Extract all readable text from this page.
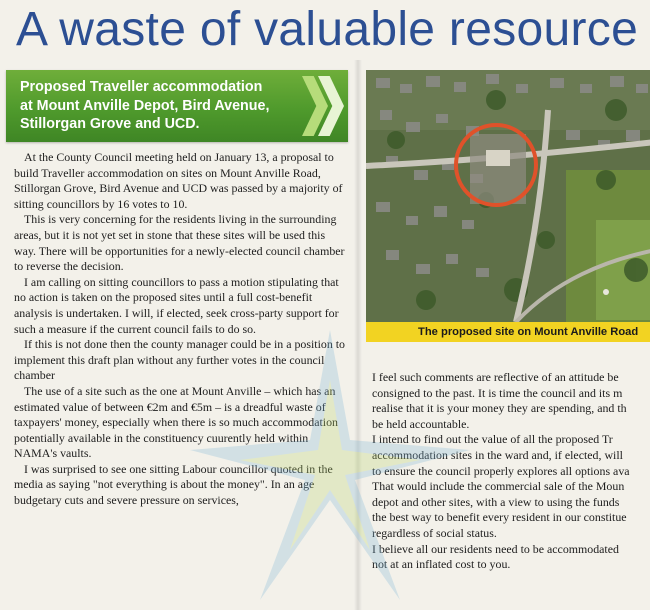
A waste of valuable resource
Proposed Traveller accommodation
at Mount Anville Depot, Bird Avenue,
Stillorgan Grove and UCD.

At the County Council meeting held on January 13, a proposal to build Traveller accommodation on sites on Mount Anville Road, Stillorgan Grove, Bird Avenue and UCD was passed by a majority of sitting councillors by 16 votes to 10.

This is very concerning for the residents living in the surrounding areas, but it is not yet set in stone that these sites will be used this way. There will be opportunities for a newly-elected council chamber to reverse the decision.

I am calling on sitting councillors to pass a motion stipulating that no action is taken on the proposed sites until a full cost-benefit analysis is undertaken. I will, if elected, seek cross-party support for such a measure if the current council fails to do so.

If this is not done then the county manager could be in a position to implement this draft plan without any further votes in the council chamber

The use of a site such as the one at Mount Anville – which has an estimated value of between €2m and €5m – is a dreadful waste of taxpayers' money, especially when there is so much accommodation potentially available in the constituency cuurently held within NAMA's vaults.

I was surprised to see one sitting Labour councillor quoted in the media as saying "not everything is about the money". In an age budgetary cuts and severe pressure on services,

The proposed site on Mount Anville Road

I feel such comments are reflective of an attitude be
consigned to the past. It is time the council and its m
realise that it is your money they are spending, and th
be held accountable.

I intend to find out the value of all the proposed Tr
accommodation sites in the ward and, if elected, will
to ensure the council properly explores all options ava
That would include the commercial sale of the Moun
depot and other sites, with a view to using the funds
the best way to benefit every resident in our constitue
regardless of social status.

I believe all our residents need to be accommodated
not at an inflated cost to you.
